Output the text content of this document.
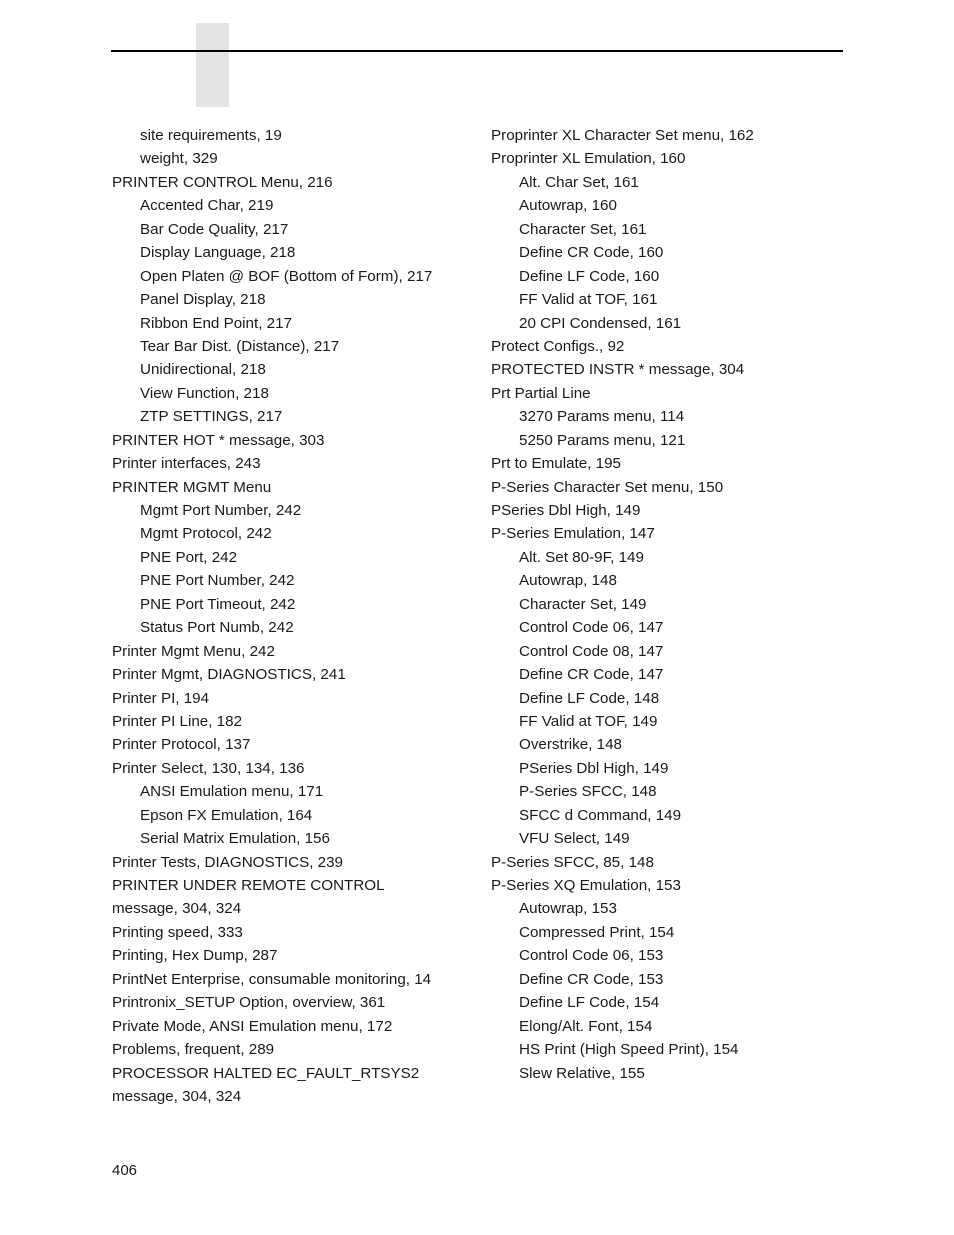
site requirements, 19
weight, 329
PRINTER CONTROL Menu, 216
Accented Char, 219
Bar Code Quality, 217
Display Language, 218
Open Platen @ BOF (Bottom of Form), 217
Panel Display, 218
Ribbon End Point, 217
Tear Bar Dist. (Distance), 217
Unidirectional, 218
View Function, 218
ZTP SETTINGS, 217
PRINTER HOT * message, 303
Printer interfaces, 243
PRINTER MGMT Menu
Mgmt Port Number, 242
Mgmt Protocol, 242
PNE Port, 242
PNE Port Number, 242
PNE Port Timeout, 242
Status Port Numb, 242
Printer Mgmt Menu, 242
Printer Mgmt, DIAGNOSTICS, 241
Printer PI, 194
Printer PI Line, 182
Printer Protocol, 137
Printer Select, 130, 134, 136
ANSI Emulation menu, 171
Epson FX Emulation, 164
Serial Matrix Emulation, 156
Printer Tests, DIAGNOSTICS, 239
PRINTER UNDER REMOTE CONTROL
message, 304, 324
Printing speed, 333
Printing, Hex Dump, 287
PrintNet Enterprise, consumable monitoring, 14
Printronix_SETUP Option, overview, 361
Private Mode, ANSI Emulation menu, 172
Problems, frequent, 289
PROCESSOR HALTED EC_FAULT_RTSYS2
message, 304, 324
Proprinter XL Character Set menu, 162
Proprinter XL Emulation, 160
Alt. Char Set, 161
Autowrap, 160
Character Set, 161
Define CR Code, 160
Define LF Code, 160
FF Valid at TOF, 161
20 CPI Condensed, 161
Protect Configs., 92
PROTECTED INSTR * message, 304
Prt Partial Line
3270 Params menu, 114
5250 Params menu, 121
Prt to Emulate, 195
P-Series Character Set menu, 150
PSeries Dbl High, 149
P-Series Emulation, 147
Alt. Set 80-9F, 149
Autowrap, 148
Character Set, 149
Control Code 06, 147
Control Code 08, 147
Define CR Code, 147
Define LF Code, 148
FF Valid at TOF, 149
Overstrike, 148
PSeries Dbl High, 149
P-Series SFCC, 148
SFCC d Command, 149
VFU Select, 149
P-Series SFCC, 85, 148
P-Series XQ Emulation, 153
Autowrap, 153
Compressed Print, 154
Control Code 06, 153
Define CR Code, 153
Define LF Code, 154
Elong/Alt. Font, 154
HS Print (High Speed Print), 154
Slew Relative, 155
406
